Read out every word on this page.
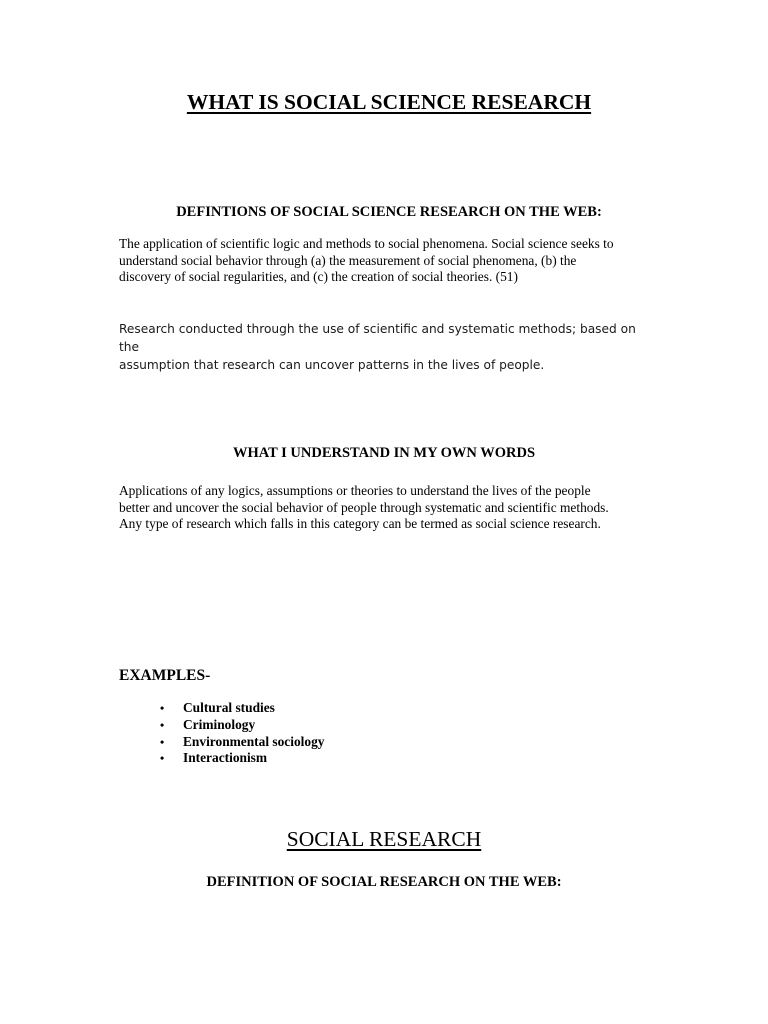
WHAT IS SOCIAL SCIENCE RESEARCH
DEFINTIONS OF SOCIAL SCIENCE RESEARCH ON THE WEB:

The application of scientific logic and methods to social phenomena. Social science seeks to
understand social behavior through (a) the measurement of social phenomena, (b) the
discovery of social regularities, and (c) the creation of social theories. (51)

Research conducted through the use of scientific and systematic methods; based on the
assumption that research can uncover patterns in the lives of people.

WHAT I UNDERSTAND IN MY OWN WORDS

Applications of any logics, assumptions or theories to understand the lives of the people
better and uncover the social behavior of people through systematic and scientific methods.
Any type of research which falls in this category can be termed as social science research.

EXAMPLES-
• Cultural studies
• Criminology
• Environmental sociology
• Interactionism
SOCIAL RESEARCH
DEFINITION OF SOCIAL RESEARCH ON THE WEB:
